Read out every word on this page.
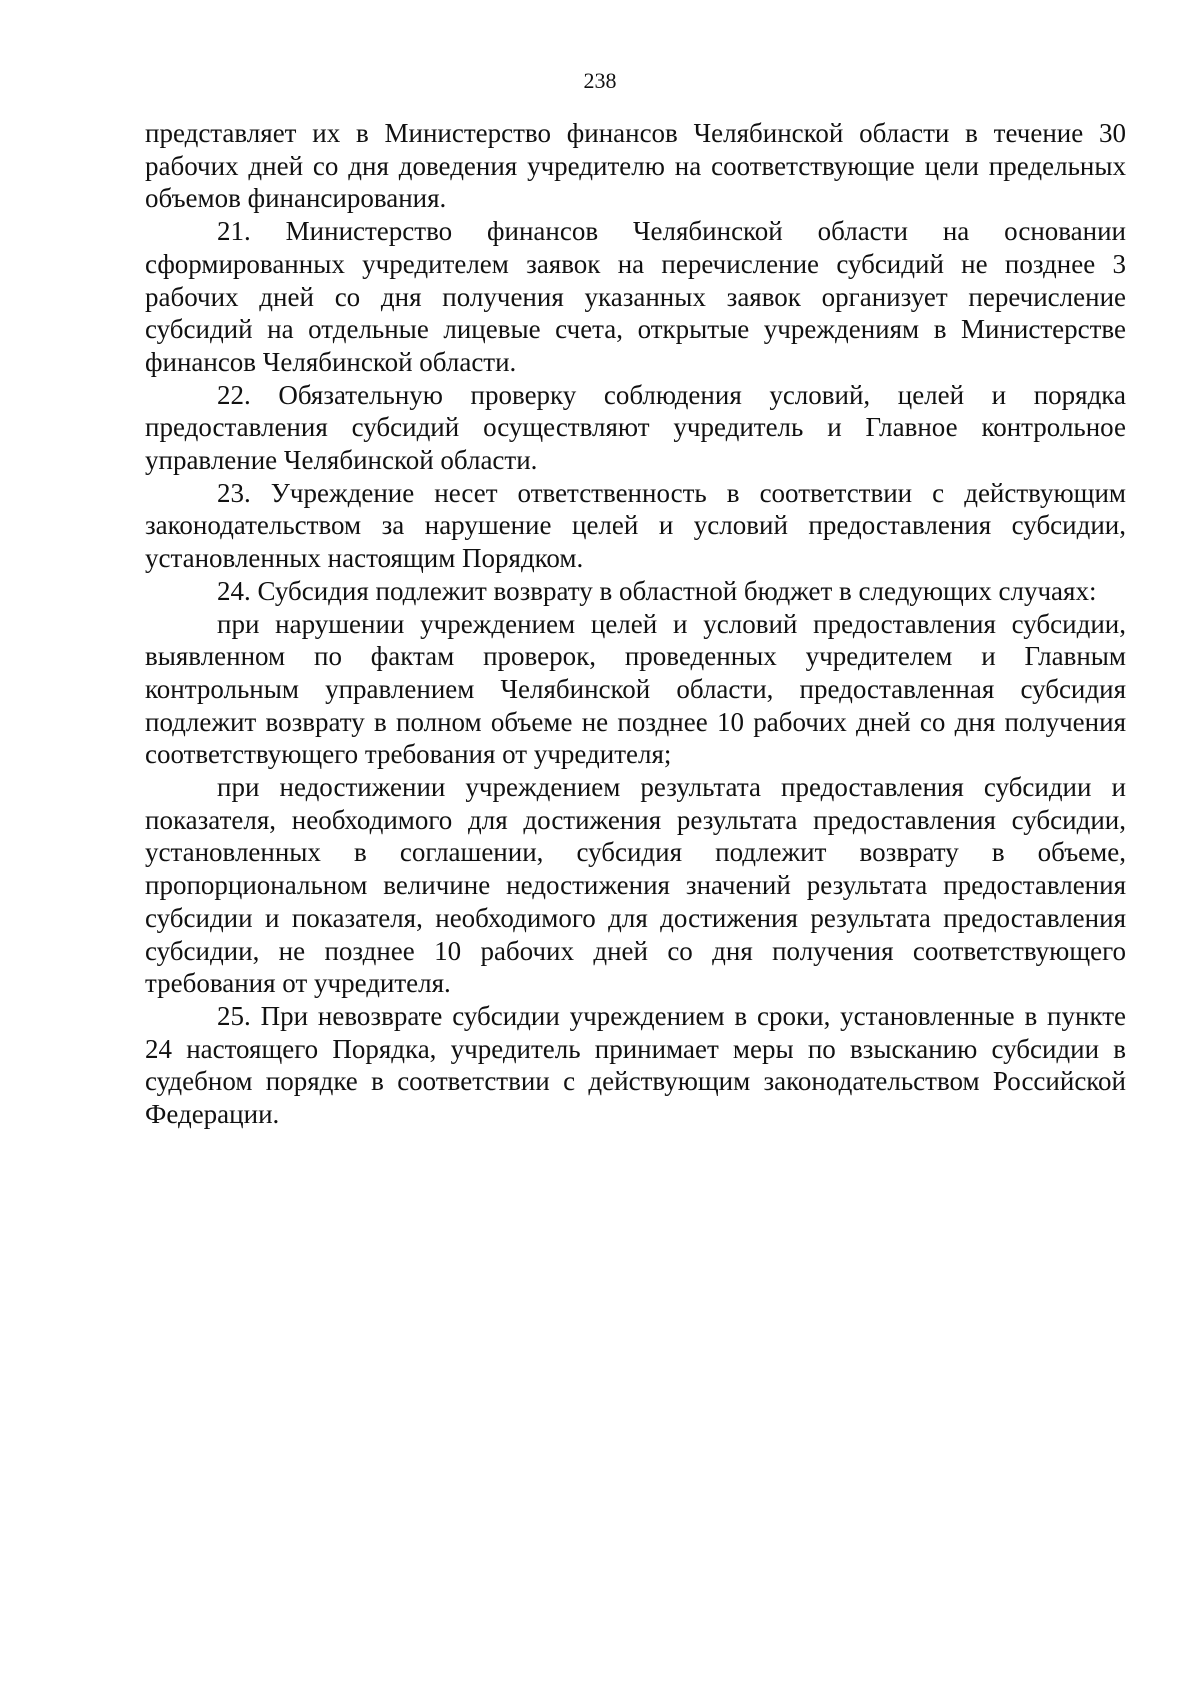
238

представляет их в Министерство финансов Челябинской области в течение 30 рабочих дней со дня доведения учредителю на соответствующие цели предельных объемов финансирования.

21. Министерство финансов Челябинской области на основании сформированных учредителем заявок на перечисление субсидий не позднее 3 рабочих дней со дня получения указанных заявок организует перечисление субсидий на отдельные лицевые счета, открытые учреждениям в Министерстве финансов Челябинской области.

22. Обязательную проверку соблюдения условий, целей и порядка предоставления субсидий осуществляют учредитель и Главное контрольное управление Челябинской области.

23. Учреждение несет ответственность в соответствии с действующим законодательством за нарушение целей и условий предоставления субсидии, установленных настоящим Порядком.

24. Субсидия подлежит возврату в областной бюджет в следующих случаях:

при нарушении учреждением целей и условий предоставления субсидии, выявленном по фактам проверок, проведенных учредителем и Главным контрольным управлением Челябинской области, предоставленная субсидия подлежит возврату в полном объеме не позднее 10 рабочих дней со дня получения соответствующего требования от учредителя;

при недостижении учреждением результата предоставления субсидии и показателя, необходимого для достижения результата предоставления субсидии, установленных в соглашении, субсидия подлежит возврату в объеме, пропорциональном величине недостижения значений результата предоставления субсидии и показателя, необходимого для достижения результата предоставления субсидии, не позднее 10 рабочих дней со дня получения соответствующего требования от учредителя.

25. При невозврате субсидии учреждением в сроки, установленные в пункте 24 настоящего Порядка, учредитель принимает меры по взысканию субсидии в судебном порядке в соответствии с действующим законодательством Российской Федерации.
